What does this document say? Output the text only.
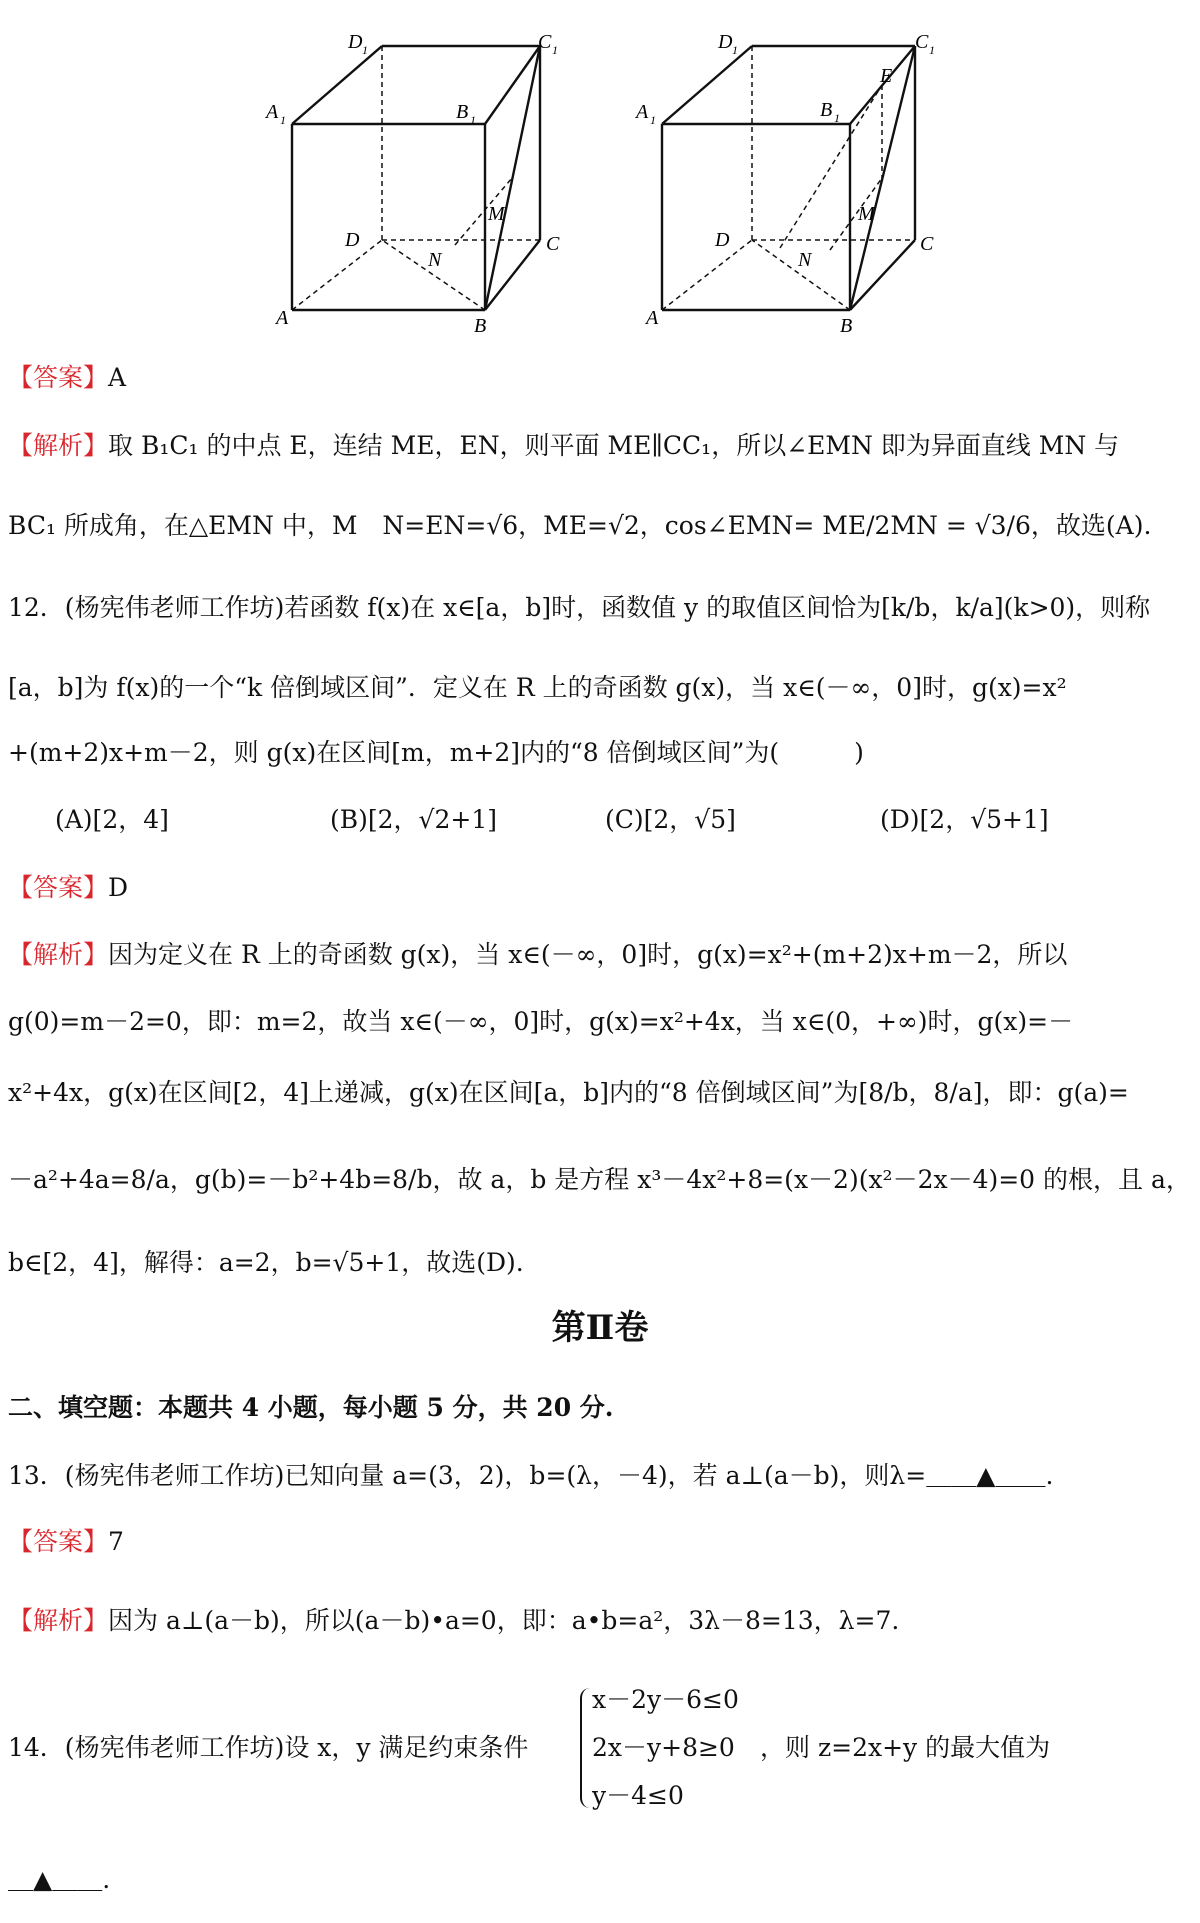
D 1	C 1
A 1	B 1
D	C
M
N
A	B
D 1	C 1
A 1	B 1
E
D	C
M
N
A	B
【答案】A
【解析】取 B₁C₁ 的中点 E，连结 ME，EN，则平面 ME∥CC₁，所以∠EMN 即为异面直线 MN 与
BC₁ 所成角，在△EMN 中，M　N=EN=√6，ME=√2，cos∠EMN= ME/2MN = √3/6，故选(A).
12．(杨宪伟老师工作坊)若函数 f(x)在 x∈[a，b]时，函数值 y 的取值区间恰为[k/b，k/a](k>0)，则称
[a，b]为 f(x)的一个“k 倍倒域区间”．定义在 R 上的奇函数 g(x)，当 x∈(－∞，0]时，g(x)=x²
+(m+2)x+m－2，则 g(x)在区间[m，m+2]内的“8 倍倒域区间”为(　　　)
(A)[2，4]	(B)[2，√2+1]	(C)[2，√5]	(D)[2，√5+1]
【答案】D
【解析】因为定义在 R 上的奇函数 g(x)，当 x∈(－∞，0]时，g(x)=x²+(m+2)x+m－2，所以
g(0)=m－2=0，即：m=2，故当 x∈(－∞，0]时，g(x)=x²+4x，当 x∈(0，+∞)时，g(x)=－
x²+4x，g(x)在区间[2，4]上递减，g(x)在区间[a，b]内的“8 倍倒域区间”为[8/b，8/a]，即：g(a)=
－a²+4a=8/a，g(b)=－b²+4b=8/b，故 a，b 是方程 x³－4x²+8=(x－2)(x²－2x－4)=0 的根，且 a，
b∈[2，4]，解得：a=2，b=√5+1，故选(D).
第Ⅱ卷
二、填空题：本题共 4 小题，每小题 5 分，共 20 分.
13．(杨宪伟老师工作坊)已知向量 a=(3，2)，b=(λ，－4)，若 a⊥(a－b)，则λ=＿＿▲＿＿.
【答案】7
【解析】因为 a⊥(a－b)，所以(a－b)•a=0，即：a•b=a²，3λ－8=13，λ=7.
14．(杨宪伟老师工作坊)设 x，y 满足约束条件
x－2y－6≤0
2x－y+8≥0
y－4≤0
，则 z=2x+y 的最大值为
＿▲＿＿.
